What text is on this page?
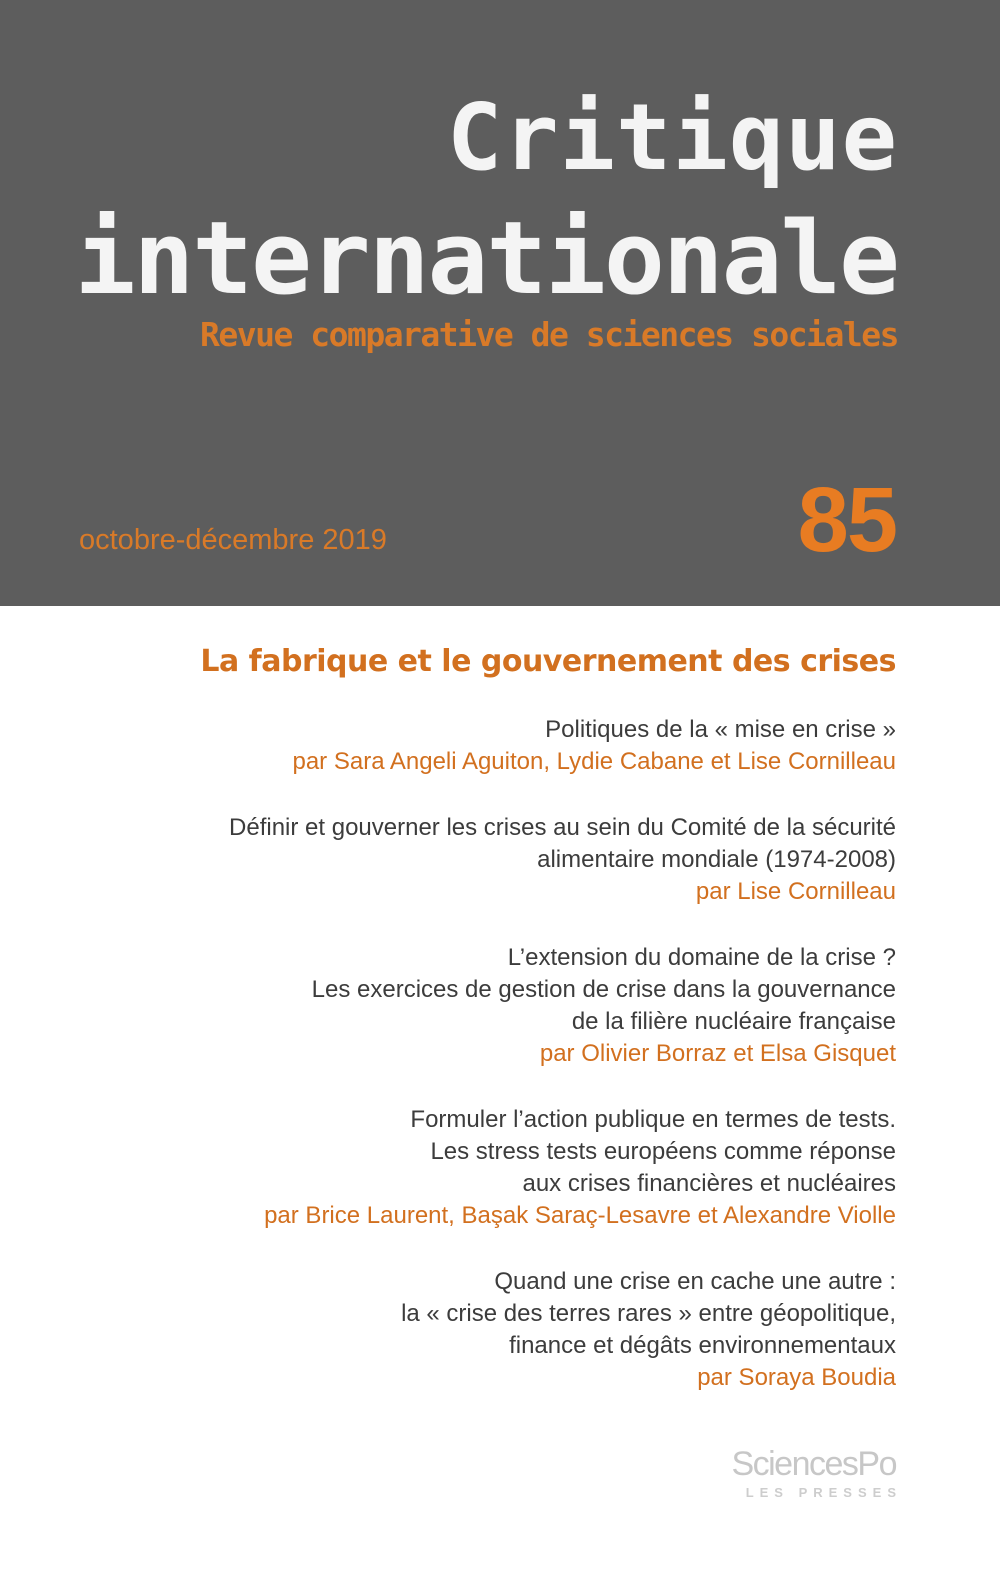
Critique
internationale
Revue comparative de sciences sociales
octobre-décembre 2019	85
La fabrique et le gouvernement des crises
Politiques de la « mise en crise »
par Sara Angeli Aguiton, Lydie Cabane et Lise Cornilleau
Définir et gouverner les crises au sein du Comité de la sécurité
alimentaire mondiale (1974-2008)
par Lise Cornilleau
L’extension du domaine de la crise ?
Les exercices de gestion de crise dans la gouvernance
de la filière nucléaire française
par Olivier Borraz et Elsa Gisquet
Formuler l’action publique en termes de tests.
Les stress tests européens comme réponse
aux crises financières et nucléaires
par Brice Laurent, Başak Saraç-Lesavre et Alexandre Violle
Quand une crise en cache une autre :
la « crise des terres rares » entre géopolitique,
finance et dégâts environnementaux
par Soraya Boudia
SciencesPo
LES PRESSES
